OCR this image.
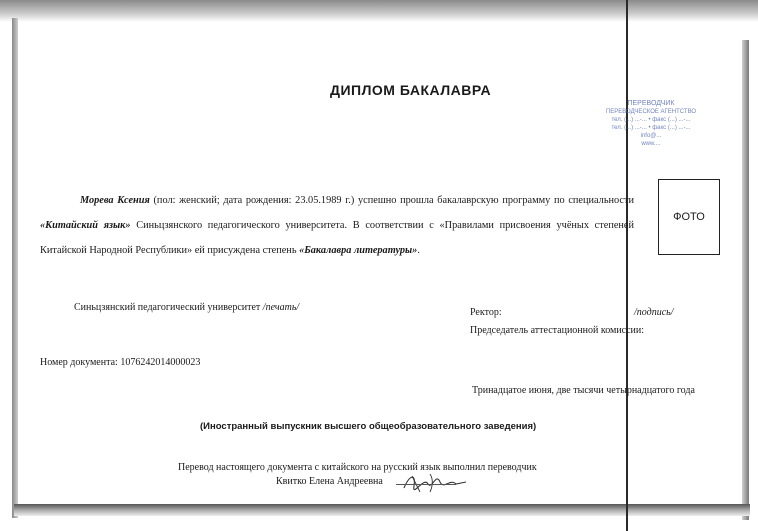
ДИПЛОМ БАКАЛАВРА
ПЕРЕВОДЧИК
ПЕРЕВОДЧЕСКОЕ АГЕНТСТВО
тел. (...) ...-... • факс (...) ...-...
тел. (...) ...-... • факс (...) ...-...
info@...
www....
ФОТО
Морева Ксения (пол: женский; дата рождения: 23.05.1989 г.) успешно прошла бакалаврскую программу по специальности «Китайский язык» Синьцзянского педагогического университета. В соответствии с «Правилами присвоения учёных степеней Китайской Народной Республики» ей присуждена степень «Бакалавра литературы».
Синьцзянский педагогический университет /печать/	Ректор:	/подпись/
Председатель аттестационной комиссии:
Номер документа: 1076242014000023
Тринадцатое июня, две тысячи четырнадцатого года
(Иностранный выпускник высшего общеобразовательного заведения)
Перевод настоящего документа с китайского на русский язык выполнил переводчик
Квитко Елена Андреевна
